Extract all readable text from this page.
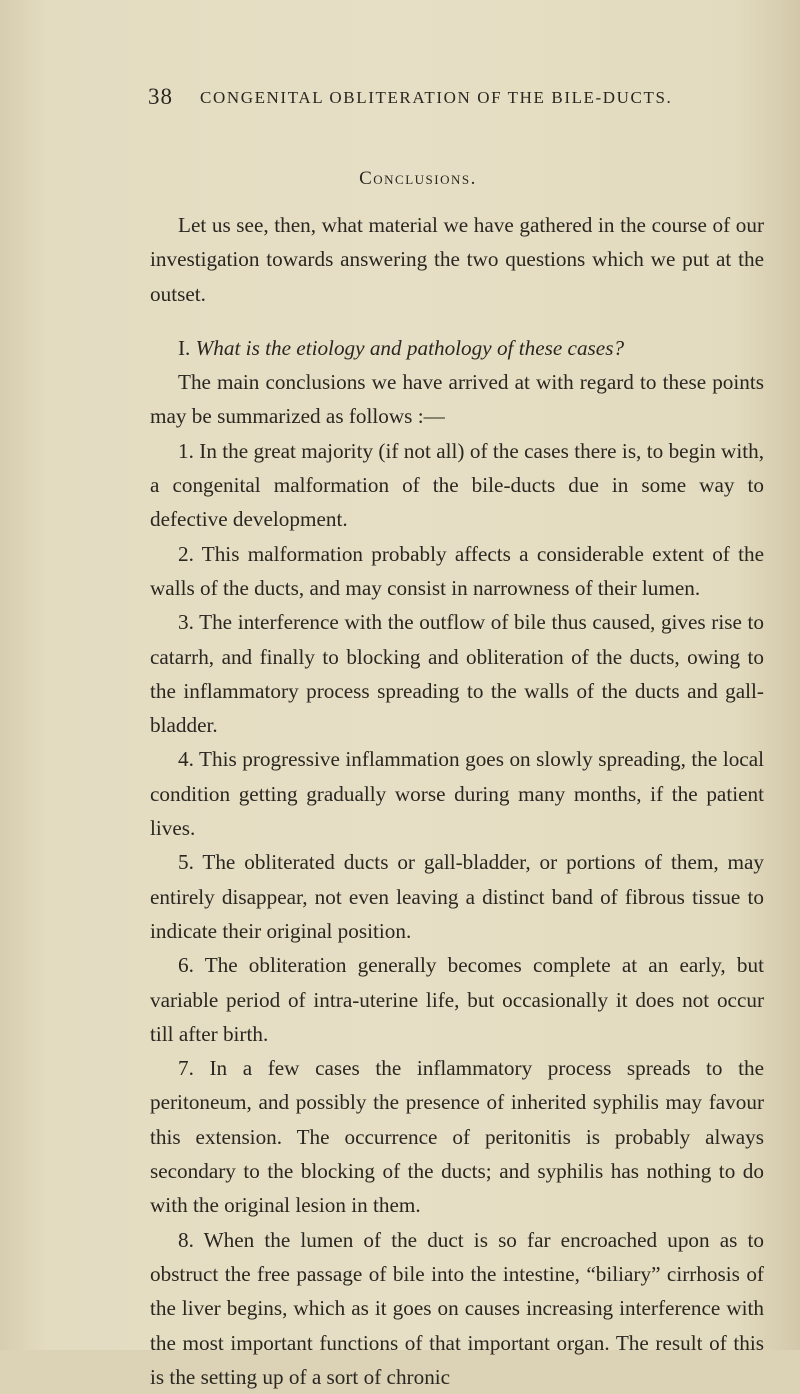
38 CONGENITAL OBLITERATION OF THE BILE-DUCTS.
Conclusions.

Let us see, then, what material we have gathered in the course of our investigation towards answering the two questions which we put at the outset.

I. What is the etiology and pathology of these cases?

The main conclusions we have arrived at with regard to these points may be summarized as follows :—

1. In the great majority (if not all) of the cases there is, to begin with, a congenital malformation of the bile-ducts due in some way to defective development.

2. This malformation probably affects a considerable extent of the walls of the ducts, and may consist in narrowness of their lumen.

3. The interference with the outflow of bile thus caused, gives rise to catarrh, and finally to blocking and obliteration of the ducts, owing to the inflammatory process spreading to the walls of the ducts and gall-bladder.

4. This progressive inflammation goes on slowly spreading, the local condition getting gradually worse during many months, if the patient lives.

5. The obliterated ducts or gall-bladder, or portions of them, may entirely disappear, not even leaving a distinct band of fibrous tissue to indicate their original position.

6. The obliteration generally becomes complete at an early, but variable period of intra-uterine life, but occasionally it does not occur till after birth.

7. In a few cases the inflammatory process spreads to the peritoneum, and possibly the presence of inherited syphilis may favour this extension. The occurrence of peritonitis is probably always secondary to the blocking of the ducts; and syphilis has nothing to do with the original lesion in them.

8. When the lumen of the duct is so far encroached upon as to obstruct the free passage of bile into the intestine, “biliary” cirrhosis of the liver begins, which as it goes on causes increasing interference with the most important functions of that important organ. The result of this is the setting up of a sort of chronic
